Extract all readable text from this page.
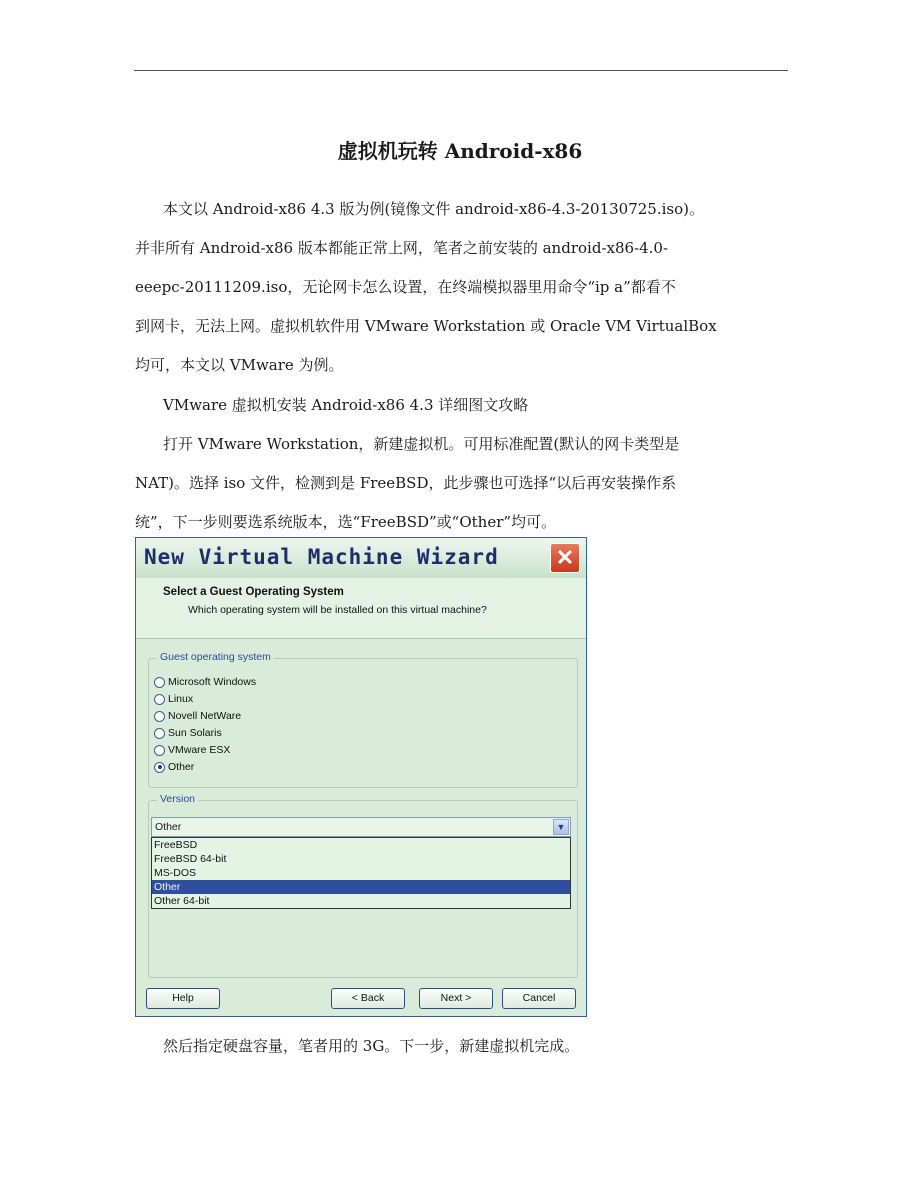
虚拟机玩转 Android-x86
本文以 Android-x86 4.3 版为例(镜像文件 android-x86-4.3-20130725.iso)。
并非所有 Android-x86 版本都能正常上网，笔者之前安装的 android-x86-4.0-
eeepc-20111209.iso，无论网卡怎么设置，在终端模拟器里用命令“ip a”都看不
到网卡，无法上网。虚拟机软件用 VMware Workstation 或 Oracle VM VirtualBox
均可，本文以 VMware 为例。
VMware 虚拟机安装 Android-x86 4.3 详细图文攻略
打开 VMware Workstation，新建虚拟机。可用标准配置(默认的网卡类型是
NAT)。选择 iso 文件，检测到是 FreeBSD，此步骤也可选择“以后再安装操作系
统”，下一步则要选系统版本，选“FreeBSD”或“Other”均可。
New Virtual Machine Wizard	✕
Select a Guest Operating System
Which operating system will be installed on this virtual machine?
Guest operating system
Microsoft Windows
Linux
Novell NetWare
Sun Solaris
VMware ESX
Other
Version
Other	▼
FreeBSD
FreeBSD 64-bit
MS-DOS
Other
Other 64-bit
Help	< Back	Next >	Cancel
然后指定硬盘容量，笔者用的 3G。下一步，新建虚拟机完成。
